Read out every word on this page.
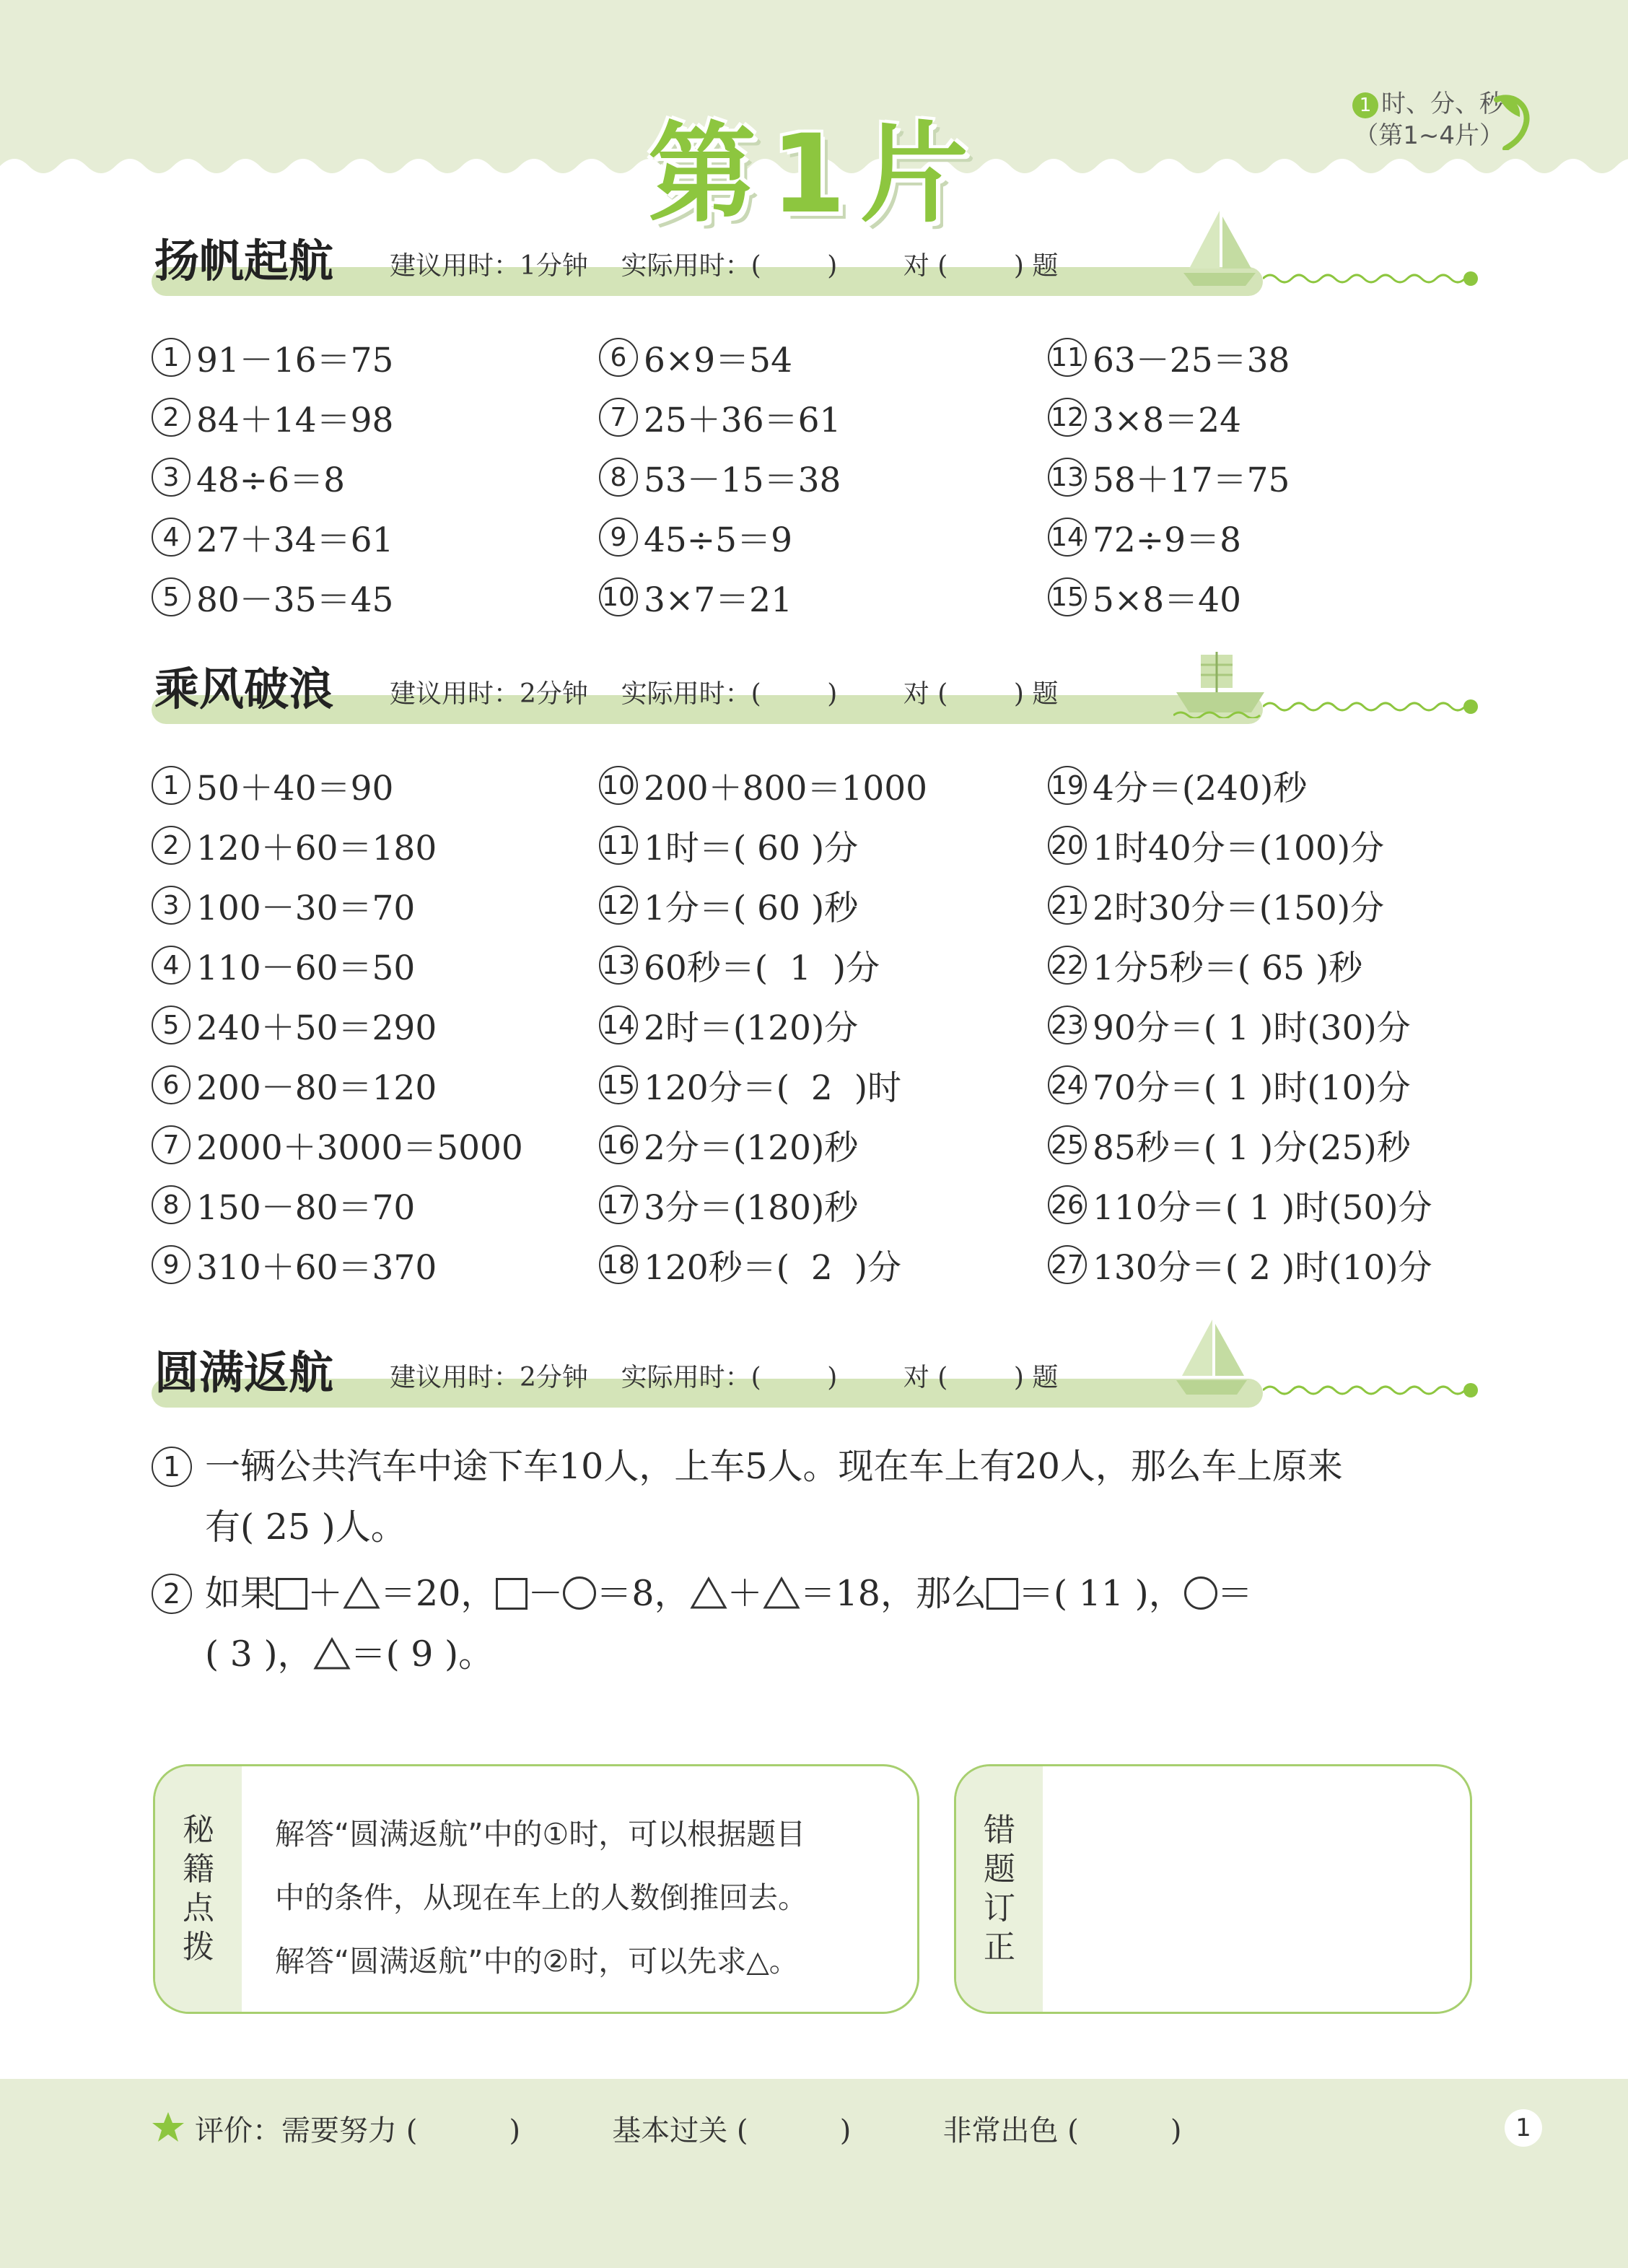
第1片
1 时、分、秒
（第1~4片）
扬帆起航 建议用时：1分钟    实际用时：(        )        对 (        ) 题
1 91－16＝75	6 6×9＝54	11 63－25＝38
2 84＋14＝98	7 25＋36＝61	12 3×8＝24
3 48÷6＝8	8 53－15＝38	13 58＋17＝75
4 27＋34＝61	9 45÷5＝9	14 72÷9＝8
5 80－35＝45	10 3×7＝21	15 5×8＝40
乘风破浪 建议用时：2分钟    实际用时：(        )        对 (        ) 题
1 50＋40＝90	10 200＋800＝1000	19 4分＝(240)秒
2 120＋60＝180	11 1时＝( 60 )分	20 1时40分＝(100)分
3 100－30＝70	12 1分＝( 60 )秒	21 2时30分＝(150)分
4 110－60＝50	13 60秒＝(  1  )分	22 1分5秒＝( 65 )秒
5 240＋50＝290	14 2时＝(120)分	23 90分＝( 1 )时(30)分
6 200－80＝120	15 120分＝(  2  )时	24 70分＝( 1 )时(10)分
7 2000＋3000＝5000	16 2分＝(120)秒	25 85秒＝( 1 )分(25)秒
8 150－80＝70	17 3分＝(180)秒	26 110分＝( 1 )时(50)分
9 310＋60＝370	18 120秒＝(  2  )分	27 130分＝( 2 )时(10)分
圆满返航 建议用时：2分钟    实际用时：(        )        对 (        ) 题
1 一辆公共汽车中途下车10人，上车5人。现在车上有20人，那么车上原来
有( 25 )人。
2 如果 ＋ ＝20， － ＝8， ＋ ＝18，那么 ＝( 11 )， ＝
( 3 )， ＝( 9 )。
秘籍点拨
解答“圆满返航”中的①时，可以根据题目
中的条件，从现在车上的人数倒推回去。
解答“圆满返航”中的②时，可以先求△。
错题订正
评价：需要努力 (          )          基本过关 (          )          非常出色 (          )	1
